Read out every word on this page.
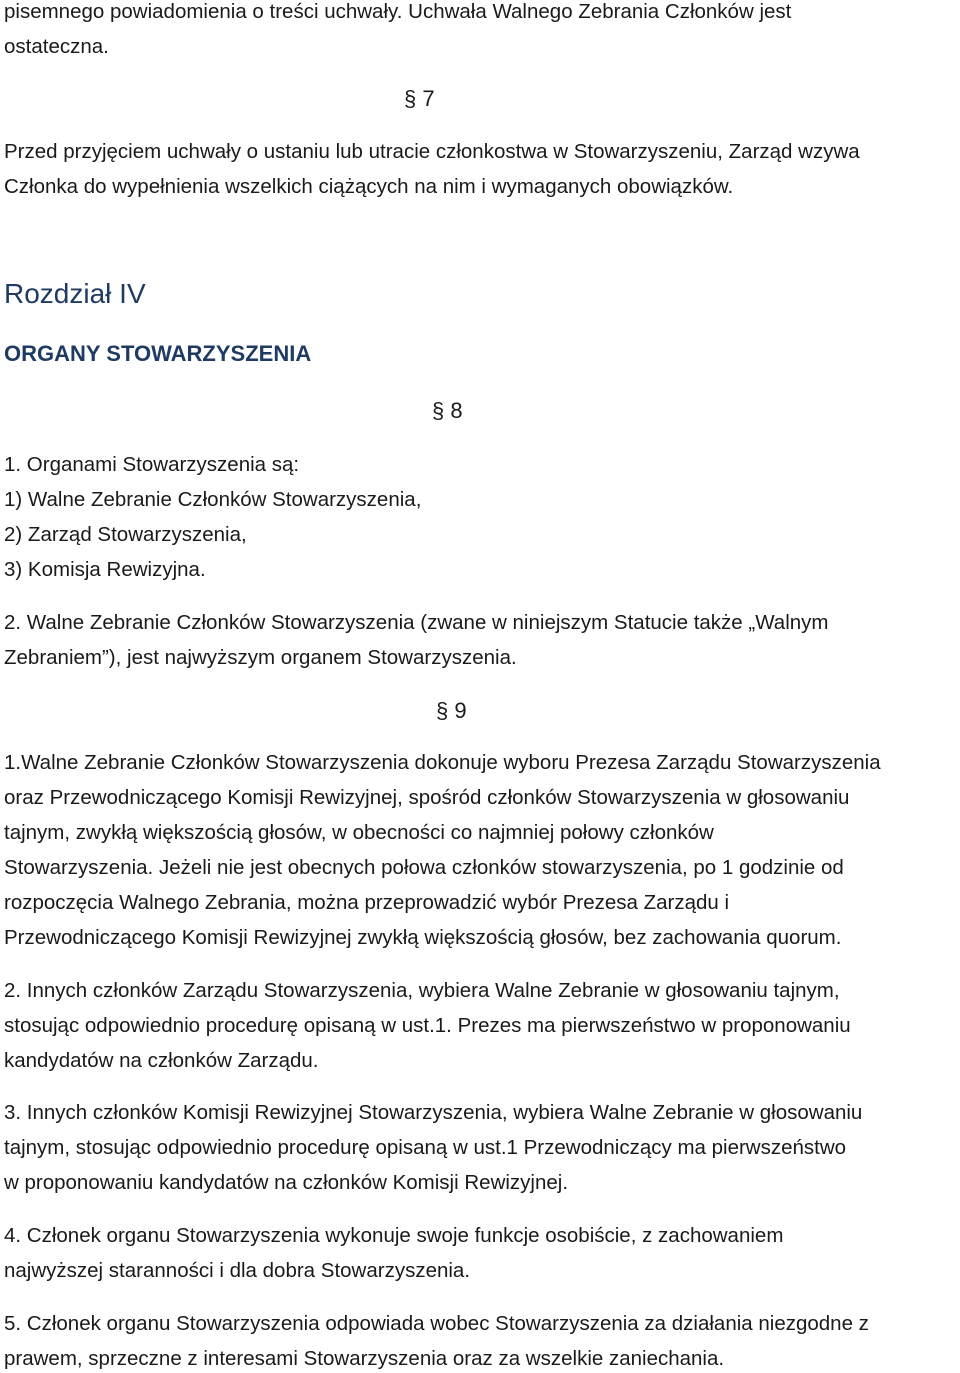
pisemnego powiadomienia o treści uchwały. Uchwała Walnego Zebrania Członków jest

ostateczna.

§ 7

Przed przyjęciem uchwały o ustaniu lub utracie członkostwa w Stowarzyszeniu, Zarząd wzywa

Członka do wypełnienia wszelkich ciążących na nim i wymaganych obowiązków.

Rozdział IV
ORGANY STOWARZYSZENIA
§ 8

1. Organami Stowarzyszenia są:

1) Walne Zebranie Członków Stowarzyszenia,

2) Zarząd Stowarzyszenia,

3) Komisja Rewizyjna.

2. Walne Zebranie Członków Stowarzyszenia (zwane w niniejszym Statucie także „Walnym

Zebraniem”), jest najwyższym organem Stowarzyszenia.

§ 9

1.Walne Zebranie Członków Stowarzyszenia dokonuje wyboru Prezesa Zarządu Stowarzyszenia

oraz Przewodniczącego Komisji Rewizyjnej, spośród członków Stowarzyszenia w głosowaniu

tajnym, zwykłą większością głosów, w obecności co najmniej połowy członków

Stowarzyszenia. Jeżeli nie jest obecnych połowa członków stowarzyszenia, po 1 godzinie od

rozpoczęcia Walnego Zebrania, można przeprowadzić wybór Prezesa Zarządu i

Przewodniczącego Komisji Rewizyjnej zwykłą większością głosów, bez zachowania quorum.

2. Innych członków Zarządu Stowarzyszenia, wybiera Walne Zebranie w głosowaniu tajnym,

stosując odpowiednio procedurę opisaną w ust.1. Prezes ma pierwszeństwo w proponowaniu

kandydatów na członków Zarządu.

3. Innych członków Komisji Rewizyjnej Stowarzyszenia, wybiera Walne Zebranie w głosowaniu

tajnym, stosując odpowiednio procedurę opisaną w ust.1 Przewodniczący ma pierwszeństwo

w proponowaniu kandydatów na członków Komisji Rewizyjnej.

4. Członek organu Stowarzyszenia wykonuje swoje funkcje osobiście, z zachowaniem

najwyższej staranności i dla dobra Stowarzyszenia.

5. Członek organu Stowarzyszenia odpowiada wobec Stowarzyszenia za działania niezgodne z

prawem, sprzeczne z interesami Stowarzyszenia oraz za wszelkie zaniechania.
